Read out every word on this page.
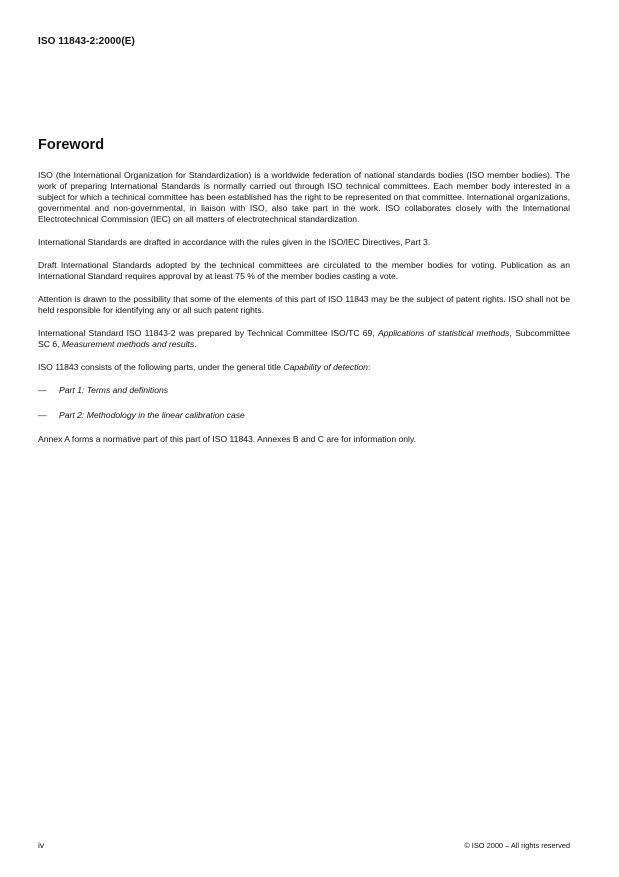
ISO 11843-2:2000(E)
Foreword

ISO (the International Organization for Standardization) is a worldwide federation of national standards bodies (ISO member bodies). The work of preparing International Standards is normally carried out through ISO technical committees. Each member body interested in a subject for which a technical committee has been established has the right to be represented on that committee. International organizations, governmental and non-governmental, in liaison with ISO, also take part in the work. ISO collaborates closely with the International Electrotechnical Commission (IEC) on all matters of electrotechnical standardization.

International Standards are drafted in accordance with the rules given in the ISO/IEC Directives, Part 3.

Draft International Standards adopted by the technical committees are circulated to the member bodies for voting. Publication as an International Standard requires approval by at least 75 % of the member bodies casting a vote.

Attention is drawn to the possibility that some of the elements of this part of ISO 11843 may be the subject of patent rights. ISO shall not be held responsible for identifying any or all such patent rights.

International Standard ISO 11843-2 was prepared by Technical Committee ISO/TC 69, Applications of statistical methods, Subcommittee SC 6, Measurement methods and results.

ISO 11843 consists of the following parts, under the general title Capability of detection:

—	Part 1: Terms and definitions
—	Part 2: Methodology in the linear calibration case

Annex A forms a normative part of this part of ISO 11843. Annexes B and C are for information only.

iv	© ISO 2000 – All rights reserved
